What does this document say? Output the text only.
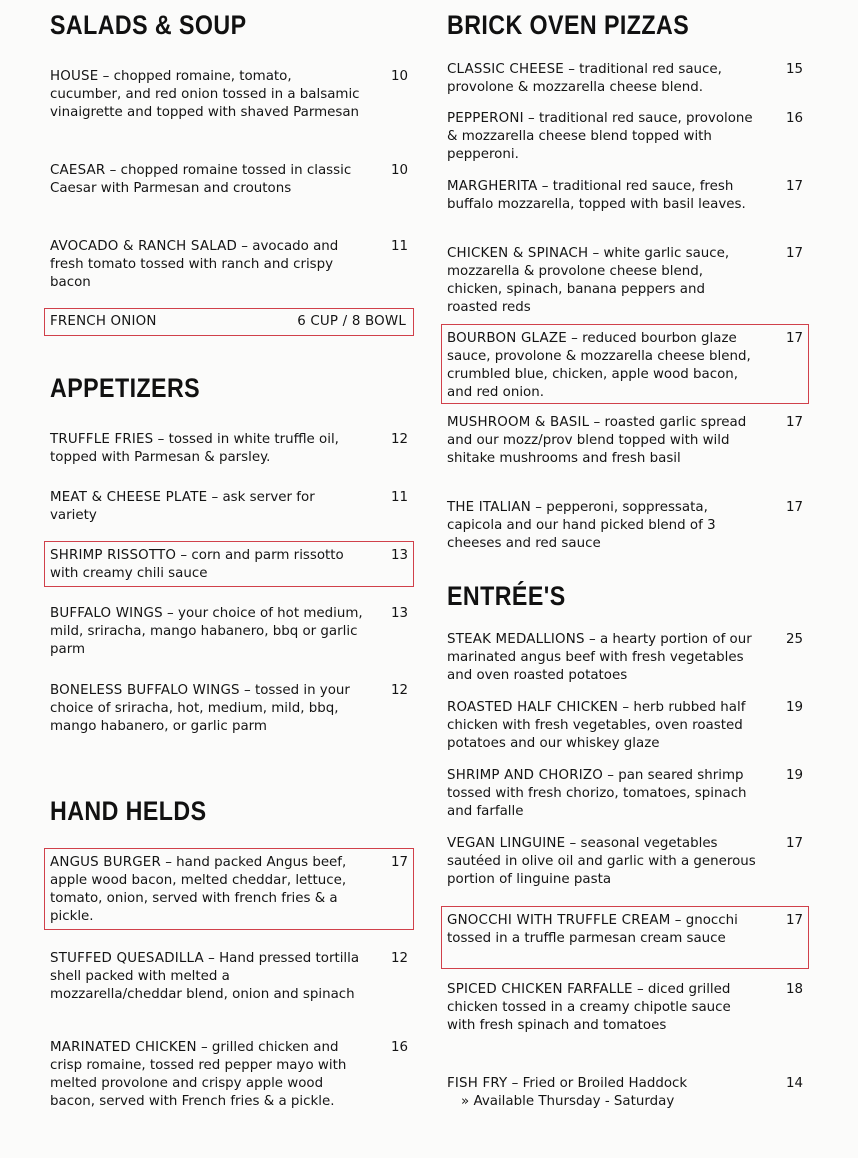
SALADS & SOUP

HOUSE – chopped romaine, tomato, cucumber, and red onion tossed in a balsamic vinaigrette and topped with shaved Parmesan

10

CAESAR – chopped romaine tossed in classic Caesar with Parmesan and croutons

10

AVOCADO & RANCH SALAD – avocado and fresh tomato tossed with ranch and crispy bacon

11
FRENCH ONION	6 CUP / 8 BOWL
APPETIZERS

TRUFFLE FRIES – tossed in white truffle oil, topped with Parmesan & parsley.

12

MEAT & CHEESE PLATE – ask server for variety

11

SHRIMP RISSOTTO – corn and parm rissotto with creamy chili sauce

13

BUFFALO WINGS – your choice of hot medium, mild, sriracha, mango habanero, bbq or garlic parm

13

BONELESS BUFFALO WINGS – tossed in your choice of sriracha, hot, medium, mild, bbq, mango habanero, or garlic parm

12
HAND HELDS

ANGUS BURGER – hand packed Angus beef, apple wood bacon, melted cheddar, lettuce, tomato, onion, served with french fries & a pickle.

17

STUFFED QUESADILLA – Hand pressed tortilla shell packed with melted a mozzarella/cheddar blend, onion and spinach

12

MARINATED CHICKEN – grilled chicken and crisp romaine, tossed red pepper mayo with melted provolone and crispy apple wood bacon, served with French fries & a pickle.

16
BRICK OVEN PIZZAS

CLASSIC CHEESE – traditional red sauce, provolone & mozzarella cheese blend.

15

PEPPERONI – traditional red sauce, provolone & mozzarella cheese blend topped with pepperoni.

16

MARGHERITA – traditional red sauce, fresh buffalo mozzarella, topped with basil leaves.

17

CHICKEN & SPINACH – white garlic sauce, mozzarella & provolone cheese blend, chicken, spinach, banana peppers and roasted reds

17

BOURBON GLAZE – reduced bourbon glaze sauce, provolone & mozzarella cheese blend, crumbled blue, chicken, apple wood bacon, and red onion.

17

MUSHROOM & BASIL – roasted garlic spread and our mozz/prov blend topped with wild shitake mushrooms and fresh basil

17

THE ITALIAN – pepperoni, soppressata, capicola and our hand picked blend of 3 cheeses and red sauce

17
ENTRÉE'S

STEAK MEDALLIONS – a hearty portion of our marinated angus beef with fresh vegetables and oven roasted potatoes

25

ROASTED HALF CHICKEN – herb rubbed half chicken with fresh vegetables, oven roasted potatoes and our whiskey glaze

19

SHRIMP AND CHORIZO – pan seared shrimp tossed with fresh chorizo, tomatoes, spinach and farfalle

19

VEGAN LINGUINE – seasonal vegetables sautéed in olive oil and garlic with a generous portion of linguine pasta

17

GNOCCHI WITH TRUFFLE CREAM – gnocchi tossed in a truffle parmesan cream sauce

17

SPICED CHICKEN FARFALLE – diced grilled chicken tossed in a creamy chipotle sauce with fresh spinach and tomatoes

18

FISH FRY – Fried or Broiled Haddock

» Available Thursday - Saturday
14
